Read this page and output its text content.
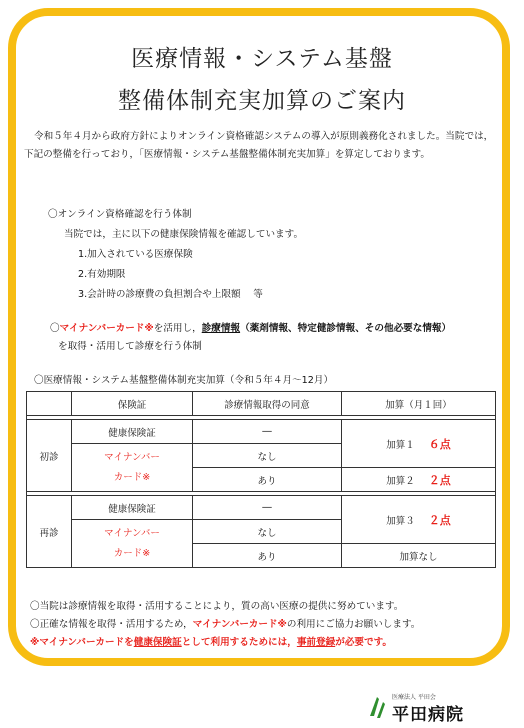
医療情報・システム基盤
整備体制充実加算のご案内
令和５年４月から政府方針によりオンライン資格確認システムの導入が原則義務化されました。当院では，下記の整備を行っており，「医療情報・システム基盤整備体制充実加算」を算定しております。
〇オンライン資格確認を行う体制
当院では，主に以下の健康保険情報を確認しています。
1.加入されている医療保険
2.有効期限
3.会計時の診療費の負担割合や上限額　 等
〇マイナンバーカード※を活用し，診療情報（薬剤情報、特定健診情報、その他必要な情報）
を取得・活用して診療を行う体制
〇医療情報・システム基盤整備体制充実加算（令和５年４月～12月）
	保険証	診療情報取得の同意	加算（月１回）

初診	健康保険証	―	加算１ ６点
	マイナンバー
カード※	なし	
		あり	加算２ ２点

再診	健康保険証	―	加算３ ２点
	マイナンバー
カード※	なし	
		あり	加算なし
〇当院は診療情報を取得・活用することにより，質の高い医療の提供に努めています。
〇正確な情報を取得・活用するため，マイナンバーカード※の利用にご協力お願いします。
※マイナンバーカードを健康保険証として利用するためには，事前登録が必要です。
医療法人 平田会
平田病院
